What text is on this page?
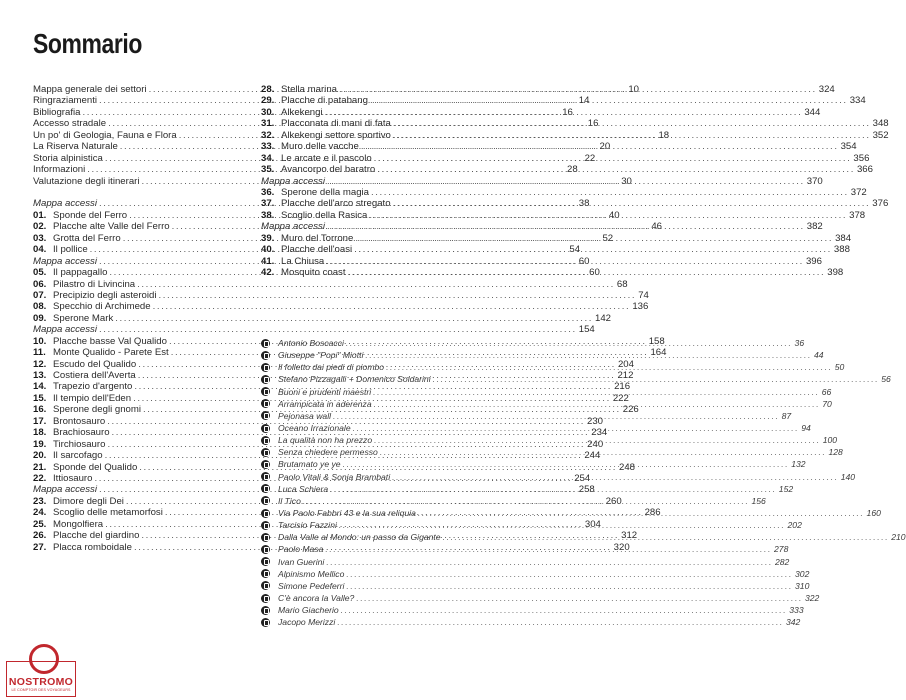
Sommario
Mappa generale dei settori .....	10
Ringraziamenti .....	14
Bibliografia .....	16
Accesso stradale .....	16
Un po' di Geologia, Fauna e Flora .....	18
La Riserva Naturale .....	20
Storia alpinistica .....	22
Informazioni .....	28
Valutazione degli itinerari .....	30
Mappa accessi .....	38
01. Sponde del Ferro .....	40
02. Placche alte Valle del Ferro .....	46
03. Grotta del Ferro .....	52
04. Il pollice .....	54
Mappa accessi .....	60
05. Il pappagallo .....	60
06. Pilastro di Livincina .....	68
07. Precipizio degli asteroidi .....	74
08. Specchio di Archimede .....	136
09. Sperone Mark .....	142
Mappa accessi .....	154
10. Placche basse Val Qualido .....	158
11. Monte Qualido - Parete Est .....	164
12. Escudo del Qualido .....	204
13. Costiera dell'Averta .....	212
14. Trapezio d'argento .....	216
15. Il tempio dell'Eden .....	222
16. Sperone degli gnomi .....	226
17. Brontosauro .....	230
18. Brachiosauro .....	234
19. Tirchiosauro .....	240
20. Il sarcofago .....	244
21. Sponde del Qualido .....	248
22. Ittiosauro .....	254
Mappa accessi .....	258
23. Dimore degli Dei .....	260
24. Scoglio delle metamorfosi .....	286
25. Mongolfiera .....	304
26. Placche del giardino .....	312
27. Placca romboidale .....	320
28. Stella marina .....	324
29. Placche di patabang .....	334
30. Alkekengi .....	344
31. Placconata di mani di fata .....	348
32. Alkekengi settore sportivo .....	352
33. Muro delle vacche .....	354
34. Le arcate e il pascolo .....	356
35. Avancorpo del baratro .....	366
Mappa accessi .....	370
36. Sperone della magia .....	372
37. Placche dell'arco stregato .....	376
38. Scoglio della Rasica .....	378
Mappa accessi .....	382
39. Muro del Torrone .....	384
40. Placche dell'oasi .....	388
41. La Chiusa .....	396
42. Mosquito coast .....	398
Antonio Boscacci .....	36
Giuseppe "Popi" Miotti .....	44
Il folletto dai piedi di piombo .....	50
Stefano Pizzagalli + Domenico Soldarini .....	56
Buoni e prudenti maestri .....	66
Arrampicata in aderenza .....	70
Pejonasa wall .....	87
Oceano Irrazionale .....	94
La qualità non ha prezzo .....	100
Senza chiedere permesso .....	128
Brutamato ye ye .....	132
Paolo Vitali & Sonja Brambati .....	140
Luca Schiera .....	152
Il Tico .....	156
Via Paolo Fabbri 43 e la sua reliquia .....	160
Tarcisio Fazzini .....	202
Dalla Valle al Mondo: un passo da Gigante .....	210
Paolo Masa .....	278
Ivan Guerini .....	282
Alpinismo Mellico .....	302
Simone Pedeferri .....	310
C'è ancora la Valle? .....	322
Mario Giacherio .....	333
Jacopo Merizzi .....	342
NOSTROMO
LE COMPTOIR DES VOYAGEURS
